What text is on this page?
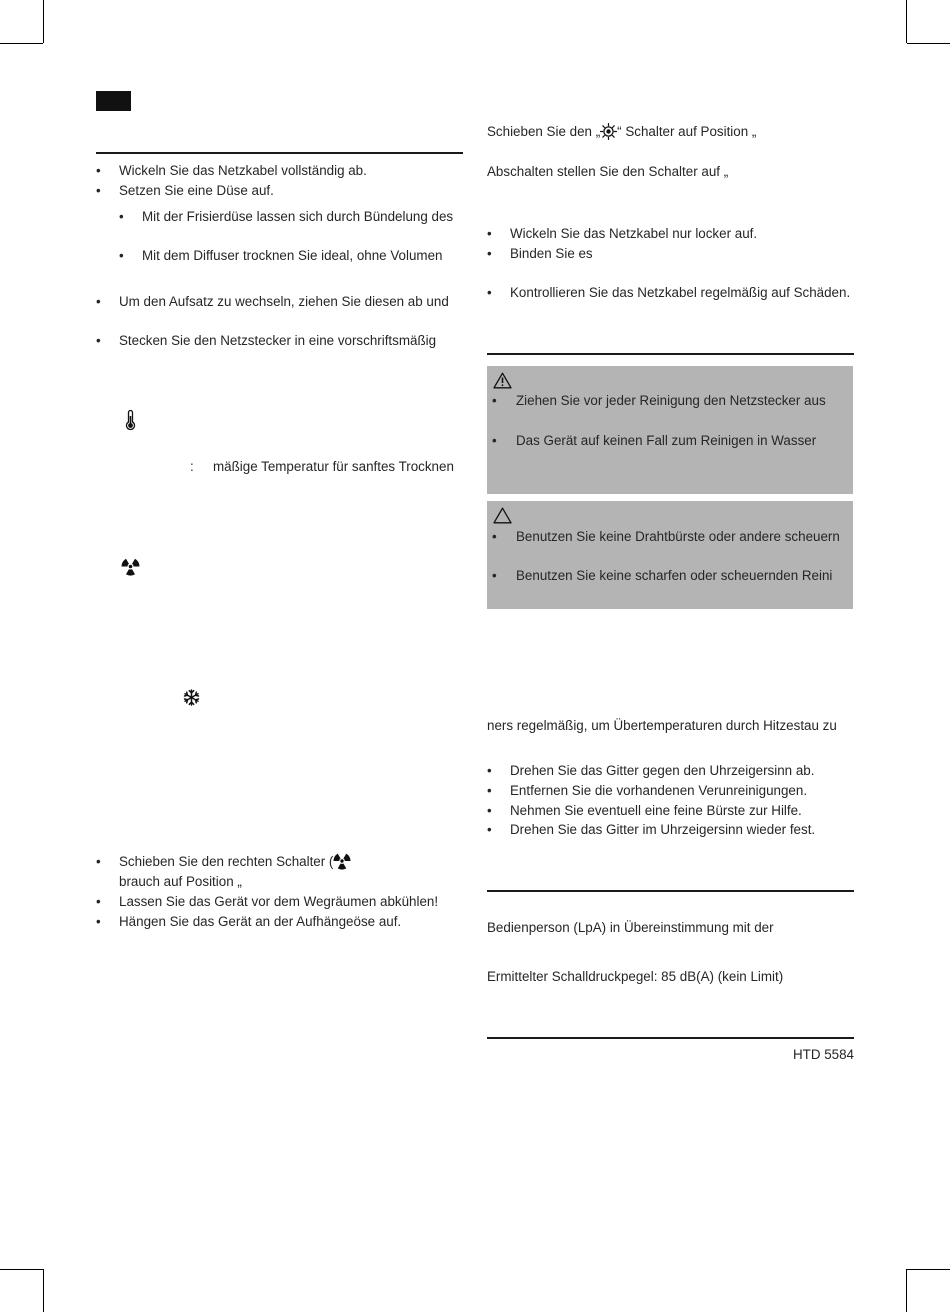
• Wickeln Sie das Netzkabel vollständig ab.
• Setzen Sie eine Düse auf.
• Mit der Frisierdüse lassen sich durch Bündelung des
• Mit dem Diffuser trocknen Sie ideal, ohne Volumen
• Um den Aufsatz zu wechseln, ziehen Sie diesen ab und
• Stecken Sie den Netzstecker in eine vorschriftsmäßig
: mäßige Temperatur für sanftes Trocknen
• Schieben Sie den rechten Schalter (
brauch auf Position „
• Lassen Sie das Gerät vor dem Wegräumen abkühlen!
• Hängen Sie das Gerät an der Aufhängeöse auf.
Schieben Sie den „ “ Schalter auf Position „
Abschalten stellen Sie den Schalter auf „
• Wickeln Sie das Netzkabel nur locker auf.
• Binden Sie es
• Kontrollieren Sie das Netzkabel regelmäßig auf Schäden.
• Ziehen Sie vor jeder Reinigung den Netzstecker aus
• Das Gerät auf keinen Fall zum Reinigen in Wasser
• Benutzen Sie keine Drahtbürste oder andere scheuern
• Benutzen Sie keine scharfen oder scheuernden Reini
ners regelmäßig, um Übertemperaturen durch Hitzestau zu
• Drehen Sie das Gitter gegen den Uhrzeigersinn ab.
• Entfernen Sie die vorhandenen Verunreinigungen.
• Nehmen Sie eventuell eine feine Bürste zur Hilfe.
• Drehen Sie das Gitter im Uhrzeigersinn wieder fest.
Bedienperson (LpA) in Übereinstimmung mit der
Ermittelter Schalldruckpegel: 85 dB(A) (kein Limit)
HTD 5584
